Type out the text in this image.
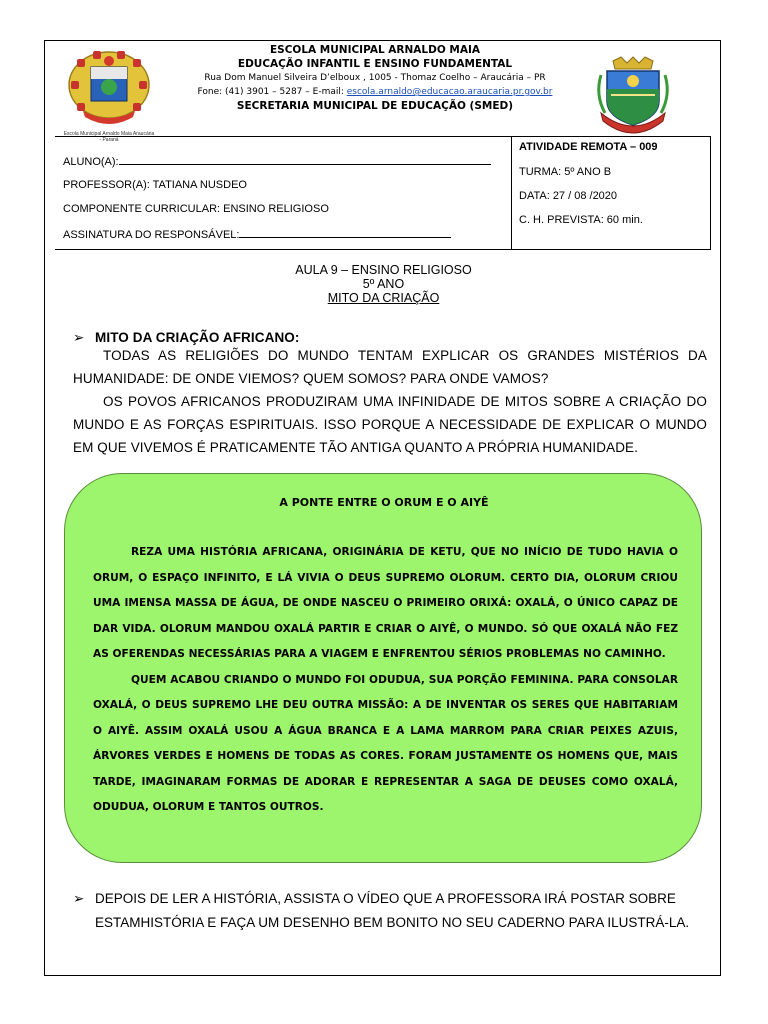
Escola Municipal Arnaldo Maia Araucária - Paraná
ESCOLA MUNICIPAL ARNALDO MAIA
EDUCAÇÃO INFANTIL E ENSINO FUNDAMENTAL
Rua Dom Manuel Silveira D’elboux , 1005 - Thomaz Coelho – Araucária – PR
Fone: (41) 3901 – 5287 – E-mail: escola.arnaldo@educacao.araucaria.pr.gov.br
SECRETARIA MUNICIPAL DE EDUCAÇÃO (SMED)
ALUNO(A):
PROFESSOR(A): TATIANA NUSDEO
COMPONENTE CURRICULAR: ENSINO RELIGIOSO
ASSINATURA DO RESPONSÁVEL:
ATIVIDADE REMOTA – 009
TURMA: 5º ANO B
DATA: 27 / 08 /2020
C. H. PREVISTA: 60 min.
AULA 9 – ENSINO RELIGIOSO
5º ANO
MITO DA CRIAÇÃO
➢ MITO DA CRIAÇÃO AFRICANO:

TODAS AS RELIGIÕES DO MUNDO TENTAM EXPLICAR OS GRANDES MISTÉRIOS DA HUMANIDADE: DE ONDE VIEMOS? QUEM SOMOS? PARA ONDE VAMOS?

OS POVOS AFRICANOS PRODUZIRAM UMA INFINIDADE DE MITOS SOBRE A CRIAÇÃO DO MUNDO E AS FORÇAS ESPIRITUAIS. ISSO PORQUE A NECESSIDADE DE EXPLICAR O MUNDO EM QUE VIVEMOS É PRATICAMENTE TÃO ANTIGA QUANTO A PRÓPRIA HUMANIDADE.

A PONTE ENTRE O ORUM E O AIYÊ

REZA UMA HISTÓRIA AFRICANA, ORIGINÁRIA DE KETU, QUE NO INÍCIO DE TUDO HAVIA O ORUM, O ESPAÇO INFINITO, E LÁ VIVIA O DEUS SUPREMO OLORUM. CERTO DIA, OLORUM CRIOU UMA IMENSA MASSA DE ÁGUA, DE ONDE NASCEU O PRIMEIRO ORIXÁ: OXALÁ, O ÚNICO CAPAZ DE DAR VIDA. OLORUM MANDOU OXALÁ PARTIR E CRIAR O AIYÊ, O MUNDO. SÓ QUE OXALÁ NÃO FEZ AS OFERENDAS NECESSÁRIAS PARA A VIAGEM E ENFRENTOU SÉRIOS PROBLEMAS NO CAMINHO.

QUEM ACABOU CRIANDO O MUNDO FOI ODUDUA, SUA PORÇÃO FEMININA. PARA CONSOLAR OXALÁ, O DEUS SUPREMO LHE DEU OUTRA MISSÃO: A DE INVENTAR OS SERES QUE HABITARIAM O AIYÊ. ASSIM OXALÁ USOU A ÁGUA BRANCA E A LAMA MARROM PARA CRIAR PEIXES AZUIS, ÁRVORES VERDES E HOMENS DE TODAS AS CORES. FORAM JUSTAMENTE OS HOMENS QUE, MAIS TARDE, IMAGINARAM FORMAS DE ADORAR E REPRESENTAR A SAGA DE DEUSES COMO OXALÁ, ODUDUA, OLORUM E TANTOS OUTROS.

➢ DEPOIS DE LER A HISTÓRIA, ASSISTA O VÍDEO QUE A PROFESSORA IRÁ POSTAR SOBRE ESTAMHISTÓRIA E FAÇA UM DESENHO BEM BONITO NO SEU CADERNO PARA ILUSTRÁ-LA.
